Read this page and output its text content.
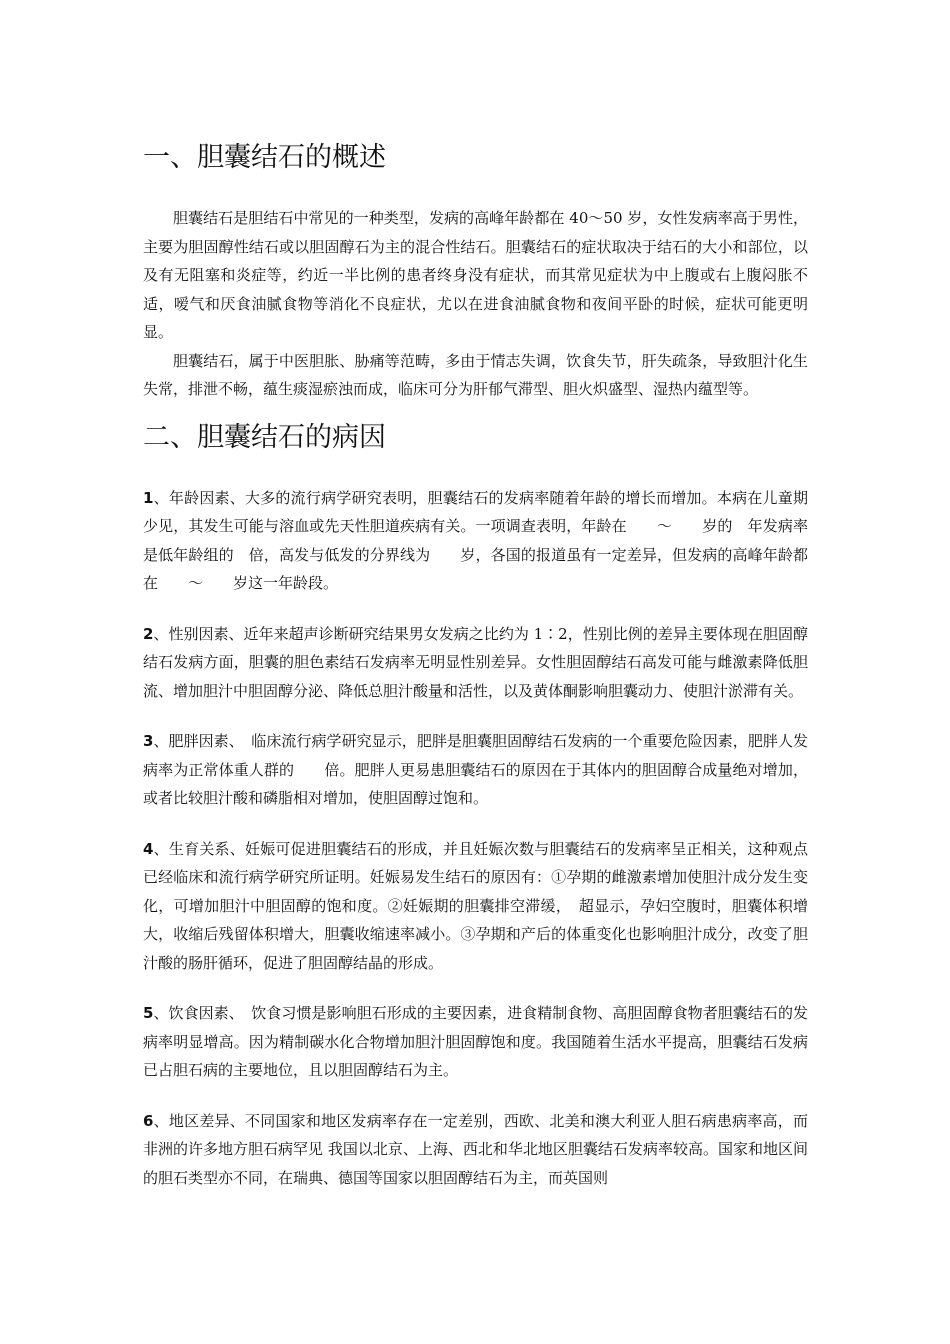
一、胆囊结石的概述

胆囊结石是胆结石中常见的一种类型，发病的高峰年龄都在 40～50 岁，女性发病率高于男性，主要为胆固醇性结石或以胆固醇石为主的混合性结石。胆囊结石的症状取决于结石的大小和部位，以及有无阻塞和炎症等，约近一半比例的患者终身没有症状，而其常见症状为中上腹或右上腹闷胀不适，嗳气和厌食油腻食物等消化不良症状，尤以在进食油腻食物和夜间平卧的时候，症状可能更明显。

胆囊结石，属于中医胆胀、胁痛等范畴，多由于情志失调，饮食失节，肝失疏条，导致胆汁化生失常，排泄不畅，蕴生痰湿瘀浊而成，临床可分为肝郁气滞型、胆火炽盛型、湿热内蕴型等。

二、胆囊结石的病因

1、年龄因素、大多的流行病学研究表明，胆囊结石的发病率随着年龄的增长而增加。本病在儿童期少见，其发生可能与溶血或先天性胆道疾病有关。一项调查表明，年龄在　　～　　岁的　年发病率是低年龄组的　倍，高发与低发的分界线为　　岁，各国的报道虽有一定差异，但发病的高峰年龄都在　　～　　岁这一年龄段。

2、性别因素、近年来超声诊断研究结果男女发病之比约为 1∶2，性别比例的差异主要体现在胆固醇结石发病方面，胆囊的胆色素结石发病率无明显性别差异。女性胆固醇结石高发可能与雌激素降低胆流、增加胆汁中胆固醇分泌、降低总胆汁酸量和活性，以及黄体酮影响胆囊动力、使胆汁淤滞有关。

3、肥胖因素、　临床流行病学研究显示，肥胖是胆囊胆固醇结石发病的一个重要危险因素，肥胖人发病率为正常体重人群的　　倍。肥胖人更易患胆囊结石的原因在于其体内的胆固醇合成量绝对增加，或者比较胆汁酸和磷脂相对增加，使胆固醇过饱和。

4、生育关系、妊娠可促进胆囊结石的形成，并且妊娠次数与胆囊结石的发病率呈正相关，这种观点已经临床和流行病学研究所证明。妊娠易发生结石的原因有：①孕期的雌激素增加使胆汁成分发生变化，可增加胆汁中胆固醇的饱和度。②妊娠期的胆囊排空滞缓，　超显示，孕妇空腹时，胆囊体积增大，收缩后残留体积增大，胆囊收缩速率减小。③孕期和产后的体重变化也影响胆汁成分，改变了胆汁酸的肠肝循环，促进了胆固醇结晶的形成。

5、饮食因素、　饮食习惯是影响胆石形成的主要因素，进食精制食物、高胆固醇食物者胆囊结石的发病率明显增高。因为精制碳水化合物增加胆汁胆固醇饱和度。我国随着生活水平提高，胆囊结石发病已占胆石病的主要地位，且以胆固醇结石为主。

6、地区差异、不同国家和地区发病率存在一定差别，西欧、北美和澳大利亚人胆石病患病率高，而非洲的许多地方胆石病罕见 我国以北京、上海、西北和华北地区胆囊结石发病率较高。国家和地区间的胆石类型亦不同，在瑞典、德国等国家以胆固醇结石为主，而英国则
